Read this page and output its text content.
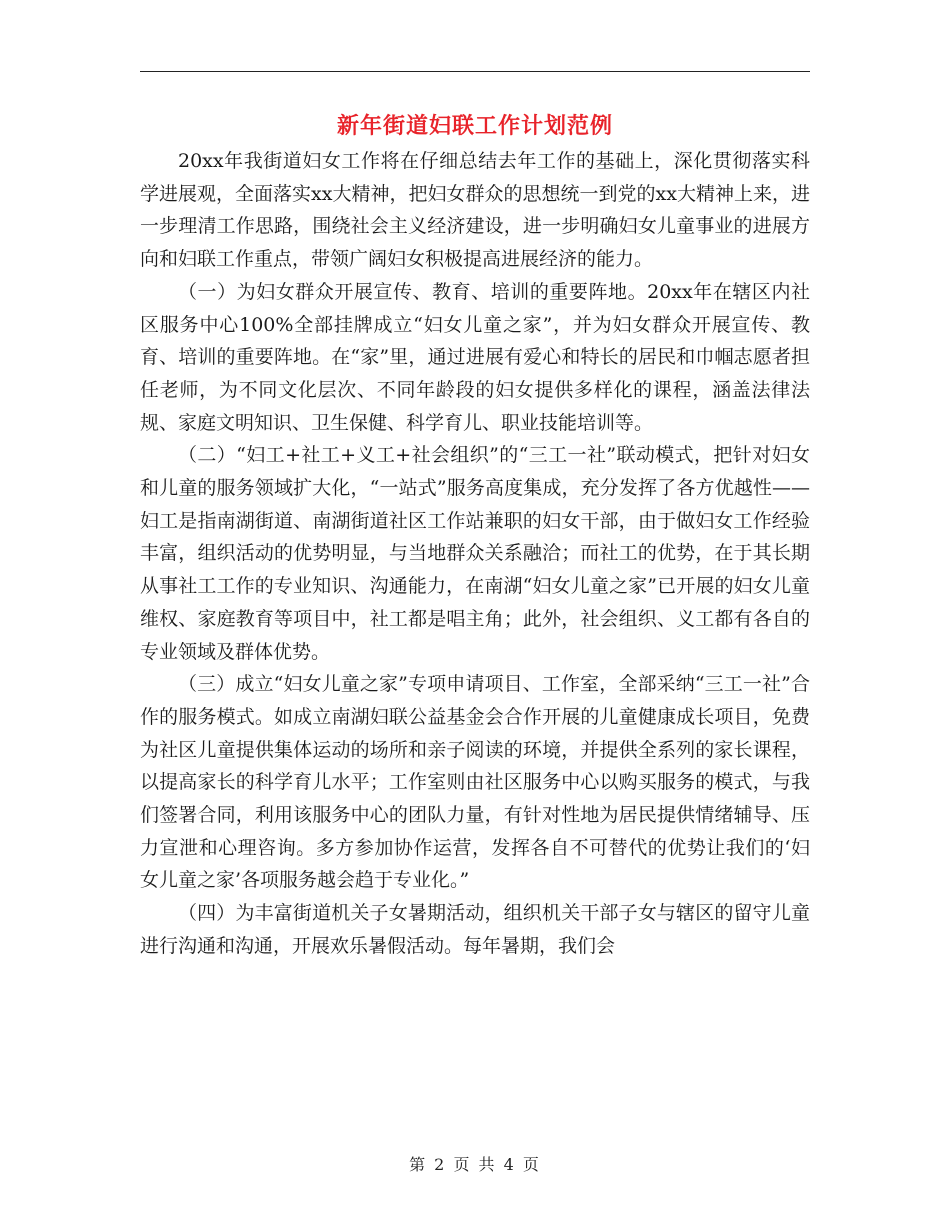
新年街道妇联工作计划范例

20xx年我街道妇女工作将在仔细总结去年工作的基础上，深化贯彻落实科学进展观，全面落实xx大精神，把妇女群众的思想统一到党的xx大精神上来，进一步理清工作思路，围绕社会主义经济建设，进一步明确妇女儿童事业的进展方向和妇联工作重点，带领广阔妇女积极提高进展经济的能力。

（一）为妇女群众开展宣传、教育、培训的重要阵地。20xx年在辖区内社区服务中心100%全部挂牌成立“妇女儿童之家”，并为妇女群众开展宣传、教育、培训的重要阵地。在“家”里，通过进展有爱心和特长的居民和巾帼志愿者担任老师，为不同文化层次、不同年龄段的妇女提供多样化的课程，涵盖法律法规、家庭文明知识、卫生保健、科学育儿、职业技能培训等。

（二）“妇工+社工+义工+社会组织”的“三工一社”联动模式，把针对妇女和儿童的服务领域扩大化，“一站式”服务高度集成，充分发挥了各方优越性——妇工是指南湖街道、南湖街道社区工作站兼职的妇女干部，由于做妇女工作经验丰富，组织活动的优势明显，与当地群众关系融洽；而社工的优势，在于其长期从事社工工作的专业知识、沟通能力，在南湖“妇女儿童之家”已开展的妇女儿童维权、家庭教育等项目中，社工都是唱主角；此外，社会组织、义工都有各自的专业领域及群体优势。

（三）成立“妇女儿童之家”专项申请项目、工作室，全部采纳“三工一社”合作的服务模式。如成立南湖妇联公益基金会合作开展的儿童健康成长项目，免费为社区儿童提供集体运动的场所和亲子阅读的环境，并提供全系列的家长课程，以提高家长的科学育儿水平；工作室则由社区服务中心以购买服务的模式，与我们签署合同，利用该服务中心的团队力量，有针对性地为居民提供情绪辅导、压力宣泄和心理咨询。多方参加协作运营，发挥各自不可替代的优势让我们的‘妇女儿童之家’各项服务越会趋于专业化。”

（四）为丰富街道机关子女暑期活动，组织机关干部子女与辖区的留守儿童进行沟通和沟通，开展欢乐暑假活动。每年暑期，我们会

第 2 页 共 4 页
